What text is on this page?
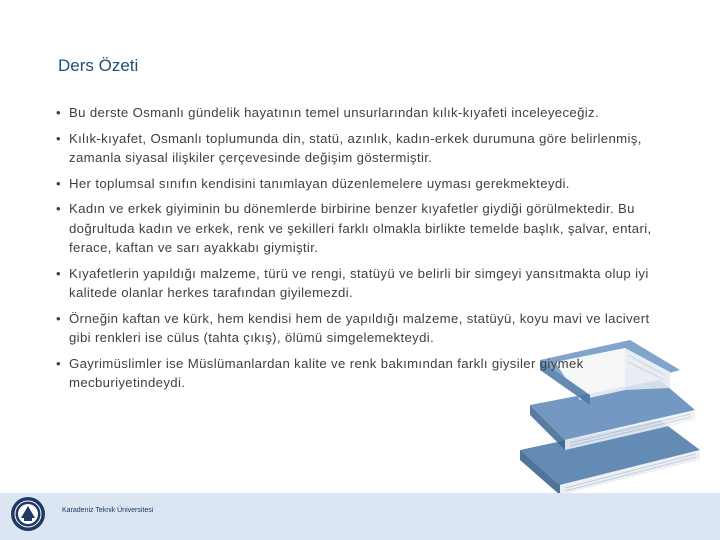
Ders Özeti
• Bu derste Osmanlı gündelik hayatının temel unsurlarından kılık-kıyafeti inceleyeceğiz.
• Kılık-kıyafet, Osmanlı toplumunda din, statü, azınlık, kadın-erkek durumuna göre belirlenmiş, zamanla siyasal ilişkiler çerçevesinde değişim göstermiştir.
• Her toplumsal sınıfın kendisini tanımlayan düzenlemelere uyması gerekmekteydi.
• Kadın ve erkek giyiminin bu dönemlerde birbirine benzer kıyafetler giydiği görülmektedir. Bu doğrultuda kadın ve erkek, renk ve şekilleri farklı olmakla birlikte temelde başlık, şalvar, entari, ferace, kaftan ve sarı ayakkabı giymiştir.
• Kıyafetlerin yapıldığı malzeme, türü ve rengi, statüyü ve belirli bir simgeyi yansıtmakta olup iyi kalitede olanlar herkes tarafından giyilemezdi.
• Örneğin kaftan ve kürk, hem kendisi hem de yapıldığı malzeme, statüyü, koyu mavi ve lacivert gibi renkleri ise cülus (tahta çıkış), ölümü simgelemekteydi.
• Gayrimüslimler ise Müslümanlardan kalite ve renk bakımından farklı giysiler giymek mecburiyetindeydi.
Karadeniz Teknik Üniversitesi
